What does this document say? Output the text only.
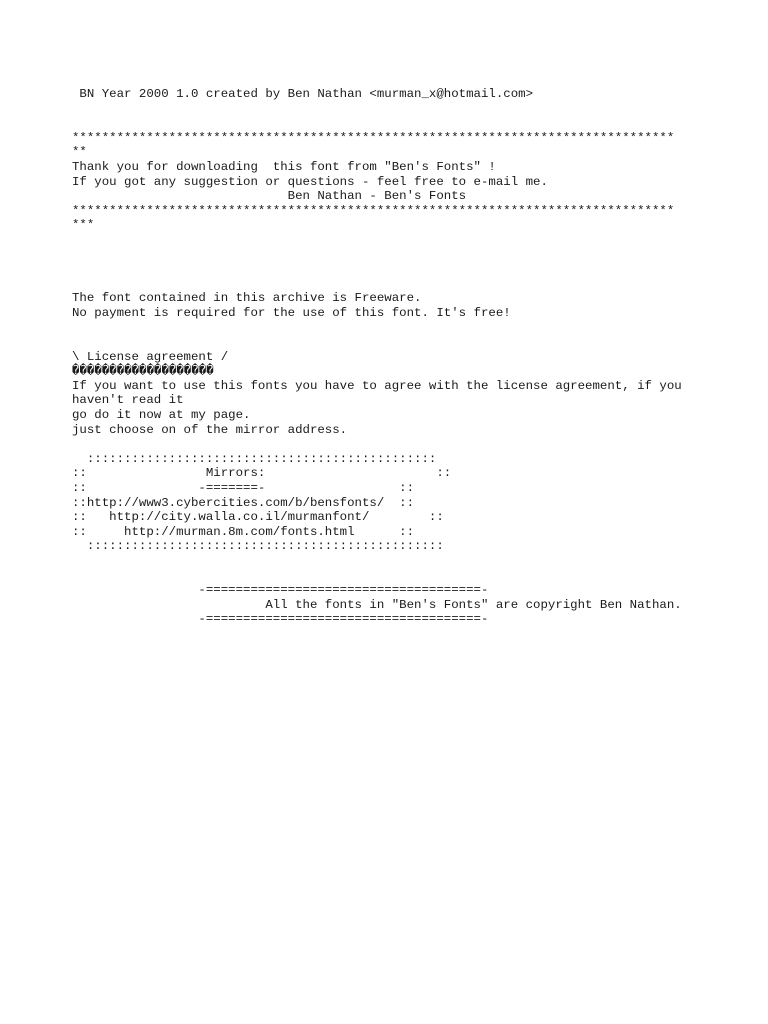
BN Year 2000 1.0 created by Ben Nathan <murman_x@hotmail.com>
*********************************************************************************
**
Thank you for downloading  this font from "Ben's Fonts" !
If you got any suggestion or questions - feel free to e-mail me.
Ben Nathan - Ben's Fonts
*********************************************************************************
***
The font contained in this archive is Freeware.
No payment is required for the use of this font. It's free!
\ License agreement /
�������������������
If you want to use this fonts you have to agree with the license agreement, if you
haven't read it
go do it now at my page.
just choose on of the mirror address.
:::::::::::::::::::::::::::::::::::::::::::::::
::                Mirrors:                       ::
::               -=======-                  ::
::http://www3.cybercities.com/b/bensfonts/  ::
::   http://city.walla.co.il/murmanfont/        ::
::     http://murman.8m.com/fonts.html      ::
::::::::::::::::::::::::::::::::::::::::::::::::
-=====================================-
All the fonts in "Ben's Fonts" are copyright Ben Nathan.
-=====================================-
